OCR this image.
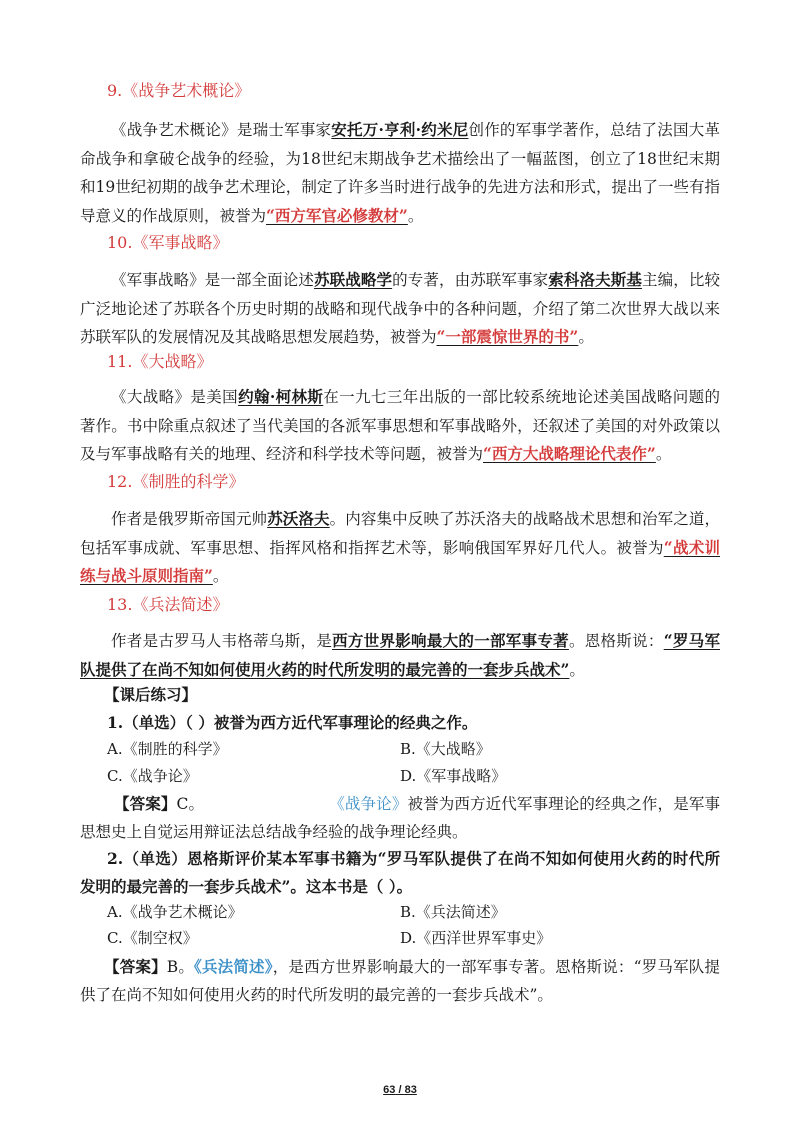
9.《战争艺术概论》

《战争艺术概论》是瑞士军事家安托万·亨利·约米尼创作的军事学著作，总结了法国大革命战争和拿破仑战争的经验，为18世纪末期战争艺术描绘出了一幅蓝图，创立了18世纪末期和19世纪初期的战争艺术理论，制定了许多当时进行战争的先进方法和形式，提出了一些有指导意义的作战原则，被誉为“西方军官必修教材”。

10.《军事战略》

《军事战略》是一部全面论述苏联战略学的专著，由苏联军事家索科洛夫斯基主编，比较广泛地论述了苏联各个历史时期的战略和现代战争中的各种问题，介绍了第二次世界大战以来苏联军队的发展情况及其战略思想发展趋势，被誉为“一部震惊世界的书”。

11.《大战略》

《大战略》是美国约翰·柯林斯在一九七三年出版的一部比较系统地论述美国战略问题的著作。书中除重点叙述了当代美国的各派军事思想和军事战略外，还叙述了美国的对外政策以及与军事战略有关的地理、经济和科学技术等问题，被誉为“西方大战略理论代表作”。

12.《制胜的科学》

作者是俄罗斯帝国元帅苏沃洛夫。内容集中反映了苏沃洛夫的战略战术思想和治军之道，包括军事成就、军事思想、指挥风格和指挥艺术等，影响俄国军界好几代人。被誉为“战术训练与战斗原则指南”。

13.《兵法简述》

作者是古罗马人韦格蒂乌斯，是西方世界影响最大的一部军事专著。恩格斯说：“罗马军队提供了在尚不知如何使用火药的时代所发明的最完善的一套步兵战术”。

【课后练习】

1.（单选）（ ）被誉为西方近代军事理论的经典之作。

A.《制胜的科学》	B.《大战略》
C.《战争论》	D.《军事战略》

【答案】C。	《战争论》被誉为西方近代军事理论的经典之作，是军事思想史上自觉运用辩证法总结战争经验的战争理论经典。

2.（单选）恩格斯评价某本军事书籍为“罗马军队提供了在尚不知如何使用火药的时代所发明的最完善的一套步兵战术”。这本书是（ ）。

A.《战争艺术概论》	B.《兵法简述》
C.《制空权》	D.《西洋世界军事史》

【答案】B。《兵法简述》，是西方世界影响最大的一部军事专著。恩格斯说：“罗马军队提供了在尚不知如何使用火药的时代所发明的最完善的一套步兵战术”。

63 / 83
